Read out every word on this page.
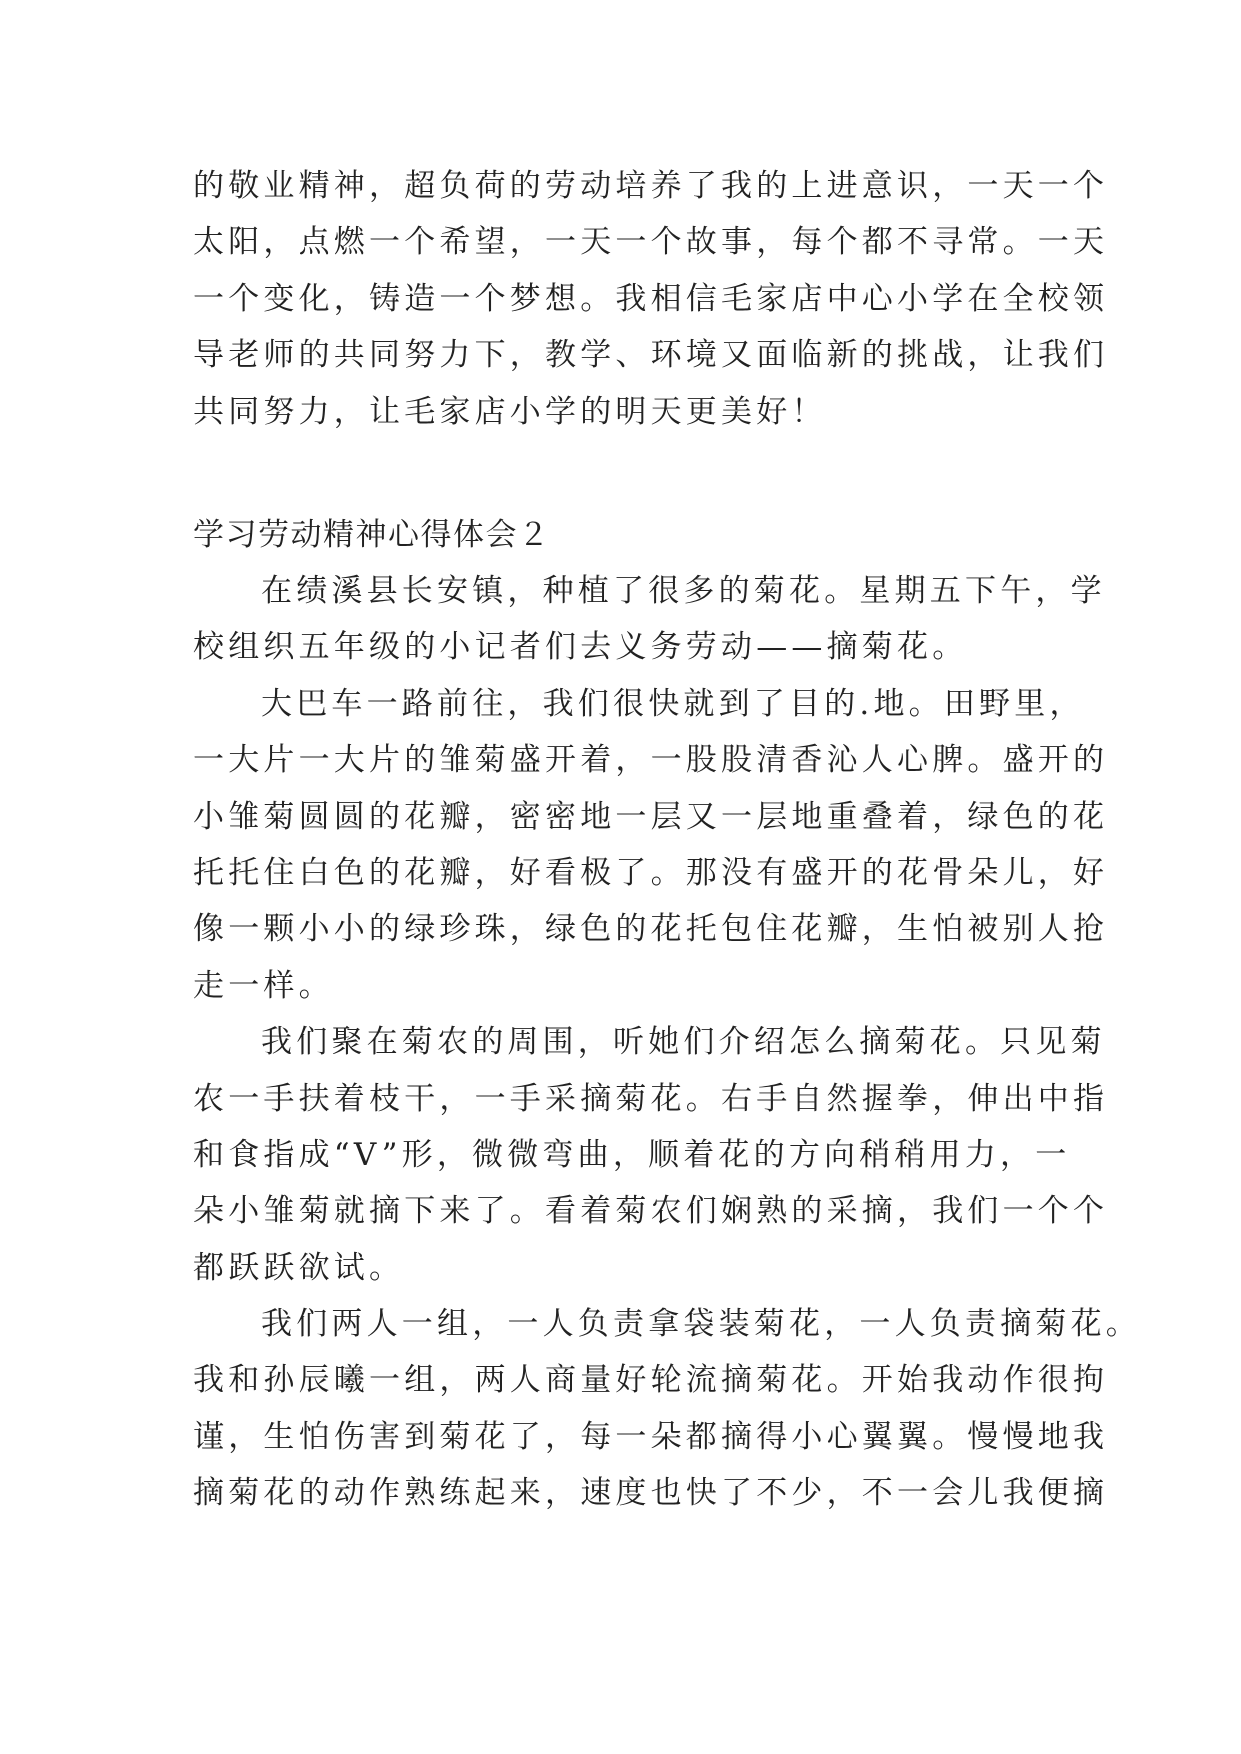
的敬业精神，超负荷的劳动培养了我的上进意识，一天一个
太阳，点燃一个希望，一天一个故事，每个都不寻常。一天
一个变化，铸造一个梦想。我相信毛家店中心小学在全校领
导老师的共同努力下，教学、环境又面临新的挑战，让我们
共同努力，让毛家店小学的明天更美好！
学习劳动精神心得体会２
在绩溪县长安镇，种植了很多的菊花。星期五下午，学
校组织五年级的小记者们去义务劳动——摘菊花。
大巴车一路前往，我们很快就到了目的.地。田野里，
一大片一大片的雏菊盛开着，一股股清香沁人心脾。盛开的
小雏菊圆圆的花瓣，密密地一层又一层地重叠着，绿色的花
托托住白色的花瓣，好看极了。那没有盛开的花骨朵儿，好
像一颗小小的绿珍珠，绿色的花托包住花瓣，生怕被别人抢
走一样。
我们聚在菊农的周围，听她们介绍怎么摘菊花。只见菊
农一手扶着枝干，一手采摘菊花。右手自然握拳，伸出中指
和食指成“V”形，微微弯曲，顺着花的方向稍稍用力，一
朵小雏菊就摘下来了。看着菊农们娴熟的采摘，我们一个个
都跃跃欲试。
我们两人一组，一人负责拿袋装菊花，一人负责摘菊花。
我和孙辰曦一组，两人商量好轮流摘菊花。开始我动作很拘
谨，生怕伤害到菊花了，每一朵都摘得小心翼翼。慢慢地我
摘菊花的动作熟练起来，速度也快了不少，不一会儿我便摘
